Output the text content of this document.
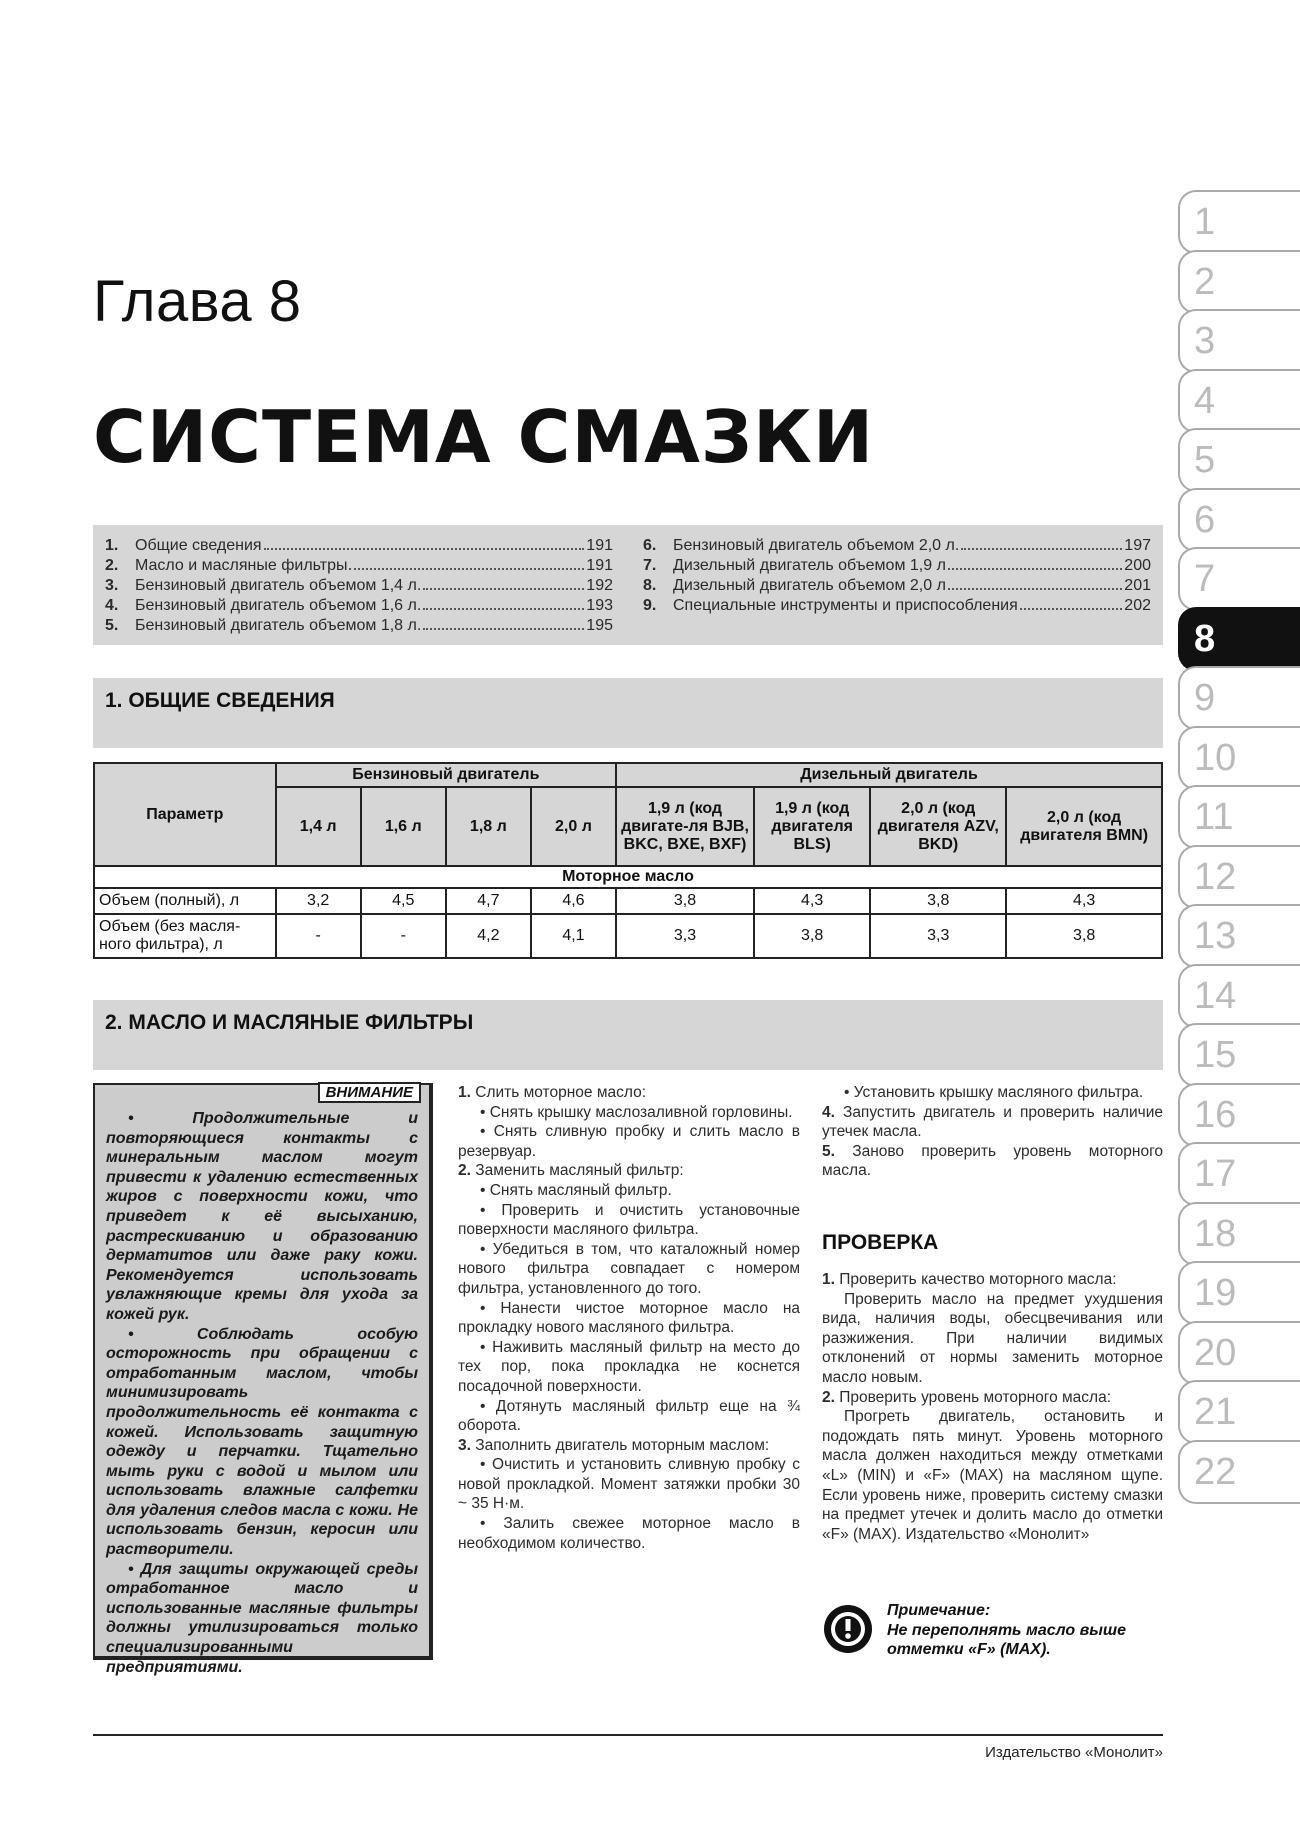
Глава 8
СИСТЕМА СМАЗКИ
1.	Общие сведения	191
2.	Масло и масляные фильтры	191
3.	Бензиновый двигатель объемом 1,4 л.	192
4.	Бензиновый двигатель объемом 1,6 л.	193
5.	Бензиновый двигатель объемом 1,8 л.	195
6.	Бензиновый двигатель объемом 2,0 л.	197
7.	Дизельный двигатель объемом 1,9 л	200
8.	Дизельный двигатель объемом 2,0 л	201
9.	Специальные инструменты и приспособления	202
1. ОБЩИЕ СВЕДЕНИЯ
Параметр	Бензиновый двигатель				Дизельный двигатель			
	1,4 л	1,6 л	1,8 л	2,0 л	1,9 л (код двигате-ля BJB, BKC, BXE, BXF)	1,9 л (код двигателя BLS)	2,0 л (код двигателя AZV, BKD)	2,0 л (код двигателя BMN)
Моторное масло								
Объем (полный), л	3,2	4,5	4,7	4,6	3,8	4,3	3,8	4,3
Объем (без масля-ного фильтра), л	-	-	4,2	4,1	3,3	3,8	3,3	3,8
2. МАСЛО И МАСЛЯНЫЕ ФИЛЬТРЫ
ВНИМАНИЕ

• Продолжительные и повторяющиеся контакты с минеральным маслом могут привести к удалению естественных жиров с поверхности кожи, что приведет к её высыханию, растрескиванию и образованию дерматитов или даже раку кожи. Рекомендуется использовать увлажняющие кремы для ухода за кожей рук.

• Соблюдать особую осторожность при обращении с отработанным маслом, чтобы минимизировать продолжительность её контакта с кожей. Использовать защитную одежду и перчатки. Тщательно мыть руки с водой и мылом или использовать влажные салфетки для удаления следов масла с кожи. Не использовать бензин, керосин или растворители.

• Для защиты окружающей среды отработанное масло и использованные масляные фильтры должны утилизироваться только специализированными предприятиями.

1. Слить моторное масло:

• Снять крышку маслозаливной горловины.

• Снять сливную пробку и слить масло в резервуар.

2. Заменить масляный фильтр:

• Снять масляный фильтр.

• Проверить и очистить установочные поверхности масляного фильтра.

• Убедиться в том, что каталожный номер нового фильтра совпадает с номером фильтра, установленного до того.

• Нанести чистое моторное масло на прокладку нового масляного фильтра.

• Наживить масляный фильтр на место до тех пор, пока прокладка не коснется посадочной поверхности.

• Дотянуть масляный фильтр еще на ¾ оборота.

3. Заполнить двигатель моторным маслом:

• Очистить и установить сливную пробку с новой прокладкой. Момент затяжки пробки 30 ~ 35 Н·м.

• Залить свежее моторное масло в необходимом количество.

• Установить крышку масляного фильтра.

4. Запустить двигатель и проверить наличие утечек масла.

5. Заново проверить уровень моторного масла.

ПРОВЕРКА

1. Проверить качество моторного масла:

Проверить масло на предмет ухудшения вида, наличия воды, обесцвечивания или разжижения. При наличии видимых отклонений от нормы заменить моторное масло новым.

2. Проверить уровень моторного масла:

Прогреть двигатель, остановить и подождать пять минут. Уровень моторного масла должен находиться между отметками «L» (MIN) и «F» (MAX) на масляном щупе. Если уровень ниже, проверить систему смазки на предмет утечек и долить масло до отметки «F» (MAX). Издательство «Монолит»

Примечание:
Не переполнять масло выше отметки «F» (MAX).
Издательство «Монолит»
1
2
3
4
5
6
7
8
9
10
11
12
13
14
15
16
17
18
19
20
21
22
